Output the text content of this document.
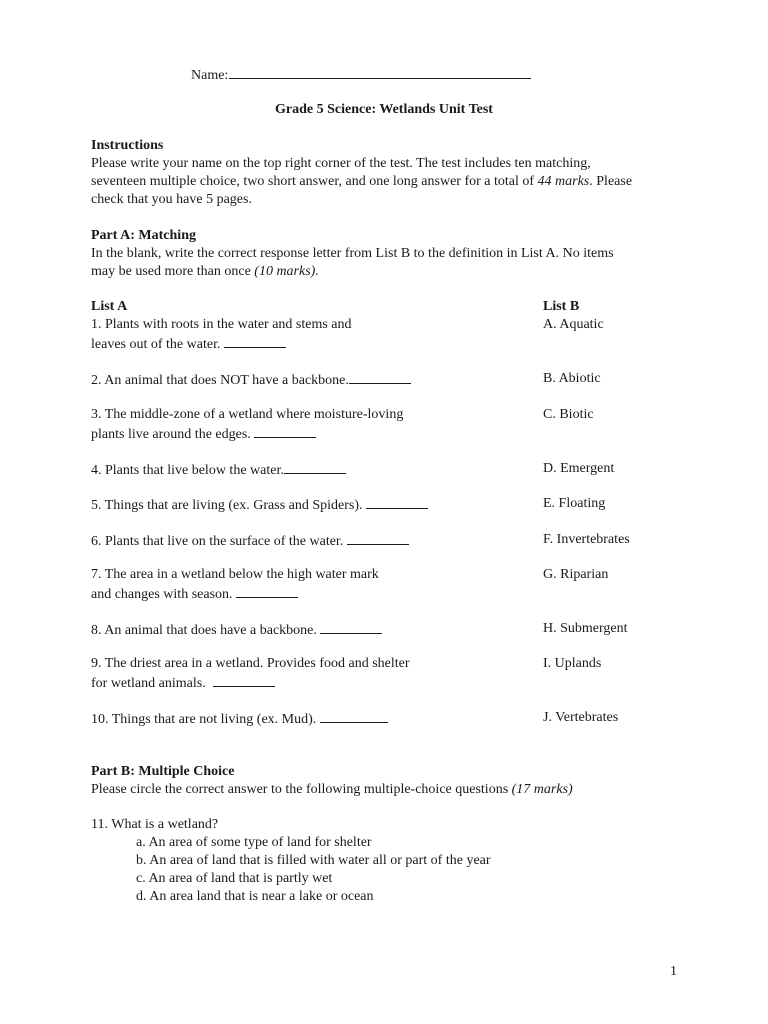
Name:
Grade 5 Science: Wetlands Unit Test
Instructions
Please write your name on the top right corner of the test. The test includes ten matching,
seventeen multiple choice, two short answer, and one long answer for a total of 44 marks. Please
check that you have 5 pages.
Part A: Matching
In the blank, write the correct response letter from List B to the definition in List A. No items
may be used more than once (10 marks).
List A	List B
1. Plants with roots in the water and stems and
leaves out of the water.
A. Aquatic
2. An animal that does NOT have a backbone.	B. Abiotic
3. The middle-zone of a wetland where moisture-loving
plants live around the edges.
C. Biotic
4. Plants that live below the water.	D. Emergent
5. Things that are living (ex. Grass and Spiders).	E. Floating
6. Plants that live on the surface of the water.	F. Invertebrates
7. The area in a wetland below the high water mark
and changes with season.
G. Riparian
8. An animal that does have a backbone.	H. Submergent
9. The driest area in a wetland. Provides food and shelter
for wetland animals.
I. Uplands
10. Things that are not living (ex. Mud).	J. Vertebrates
Part B: Multiple Choice
Please circle the correct answer to the following multiple-choice questions (17 marks)
11. What is a wetland?
a. An area of some type of land for shelter
b. An area of land that is filled with water all or part of the year
c. An area of land that is partly wet
d. An area land that is near a lake or ocean
1
